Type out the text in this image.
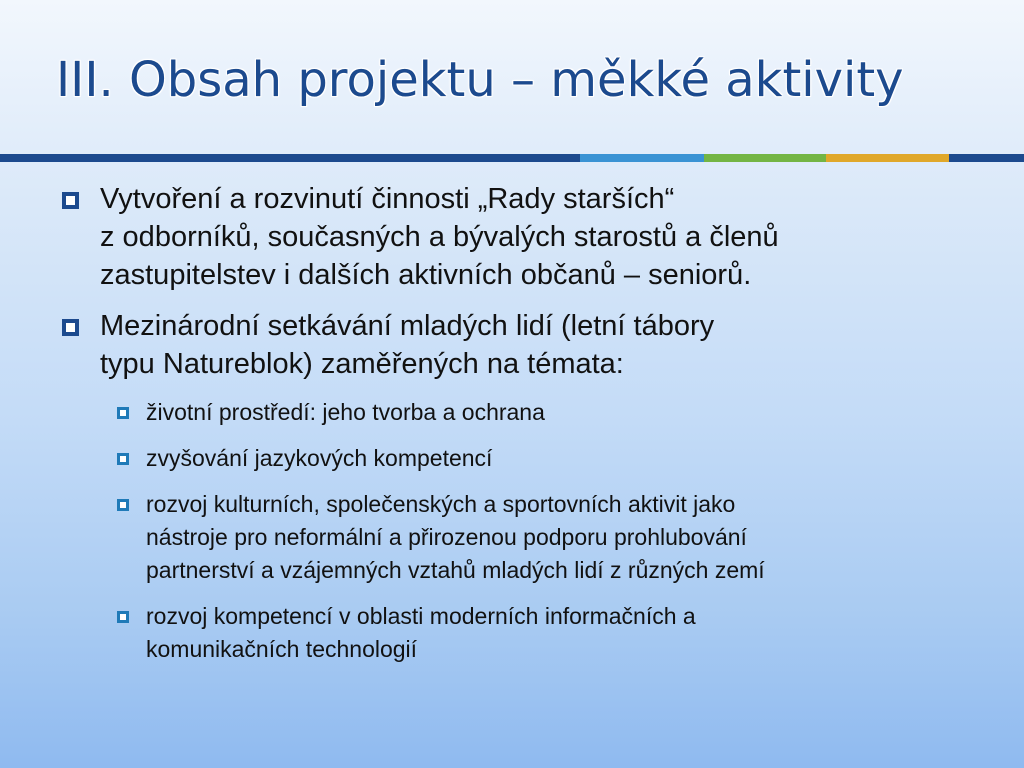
III. Obsah projektu – měkké aktivity
Vytvoření a rozvinutí činnosti „Rady starších“
z odborníků, současných a bývalých starostů a členů
zastupitelstev i dalších aktivních občanů – seniorů.
Mezinárodní setkávání mladých lidí (letní tábory
typu Natureblok) zaměřených na témata:
životní prostředí: jeho tvorba a ochrana
zvyšování jazykových kompetencí
rozvoj kulturních, společenských a sportovních aktivit jako
nástroje pro neformální a přirozenou podporu prohlubování
partnerství a vzájemných vztahů mladých lidí z různých zemí
rozvoj kompetencí v oblasti moderních informačních a
komunikačních technologií
